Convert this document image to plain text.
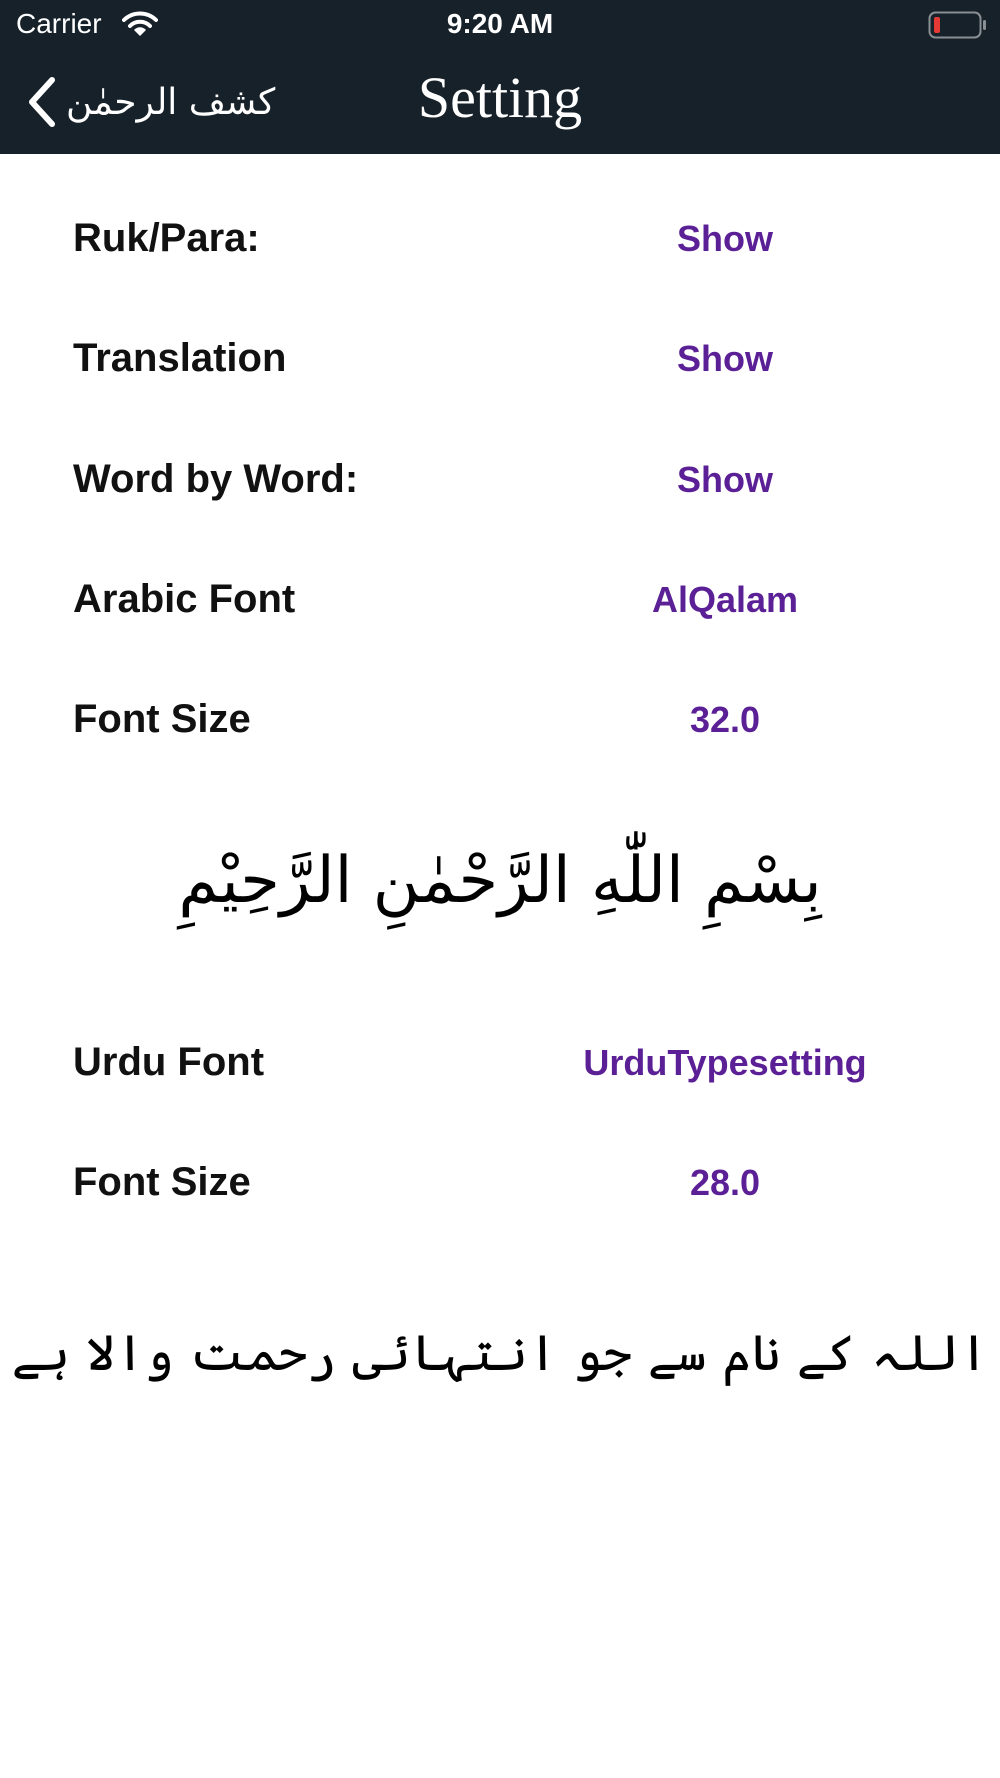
Carrier	9:20 AM
کشف الرحمٰن	Setting
Ruk/Para:	Show
Translation	Show
Word by Word:	Show
Arabic Font	AlQalam
Font Size	32.0
بِسْمِ اللّٰهِ الرَّحْمٰنِ الرَّحِيْمِ
Urdu Font	UrduTypesetting
Font Size	28.0
اللہ کے نام سے جو انتہائی رحمت والا ہے
